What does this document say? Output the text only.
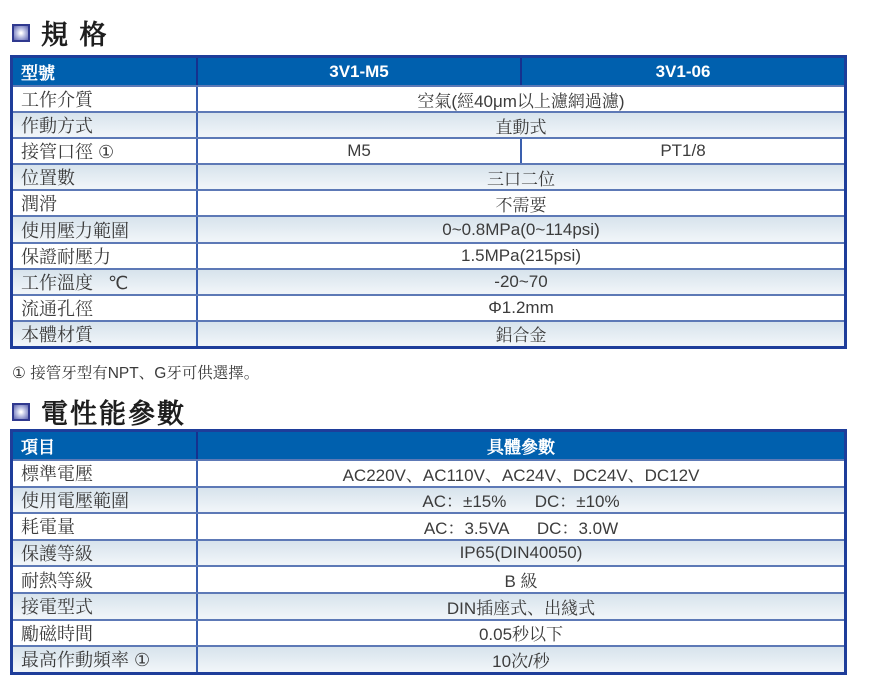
規 格
型號	3V1-M5	3V1-06
工作介質	空氣(經40μm以上濾網過濾)
作動方式	直動式
接管口徑 ①	M5	PT1/8
位置數	三口二位
潤滑	不需要
使用壓力範圍	0~0.8MPa(0~114psi)
保證耐壓力	1.5MPa(215psi)
工作溫度   ℃	-20~70
流通孔徑	Φ1.2mm
本體材質	鋁合金
① 接管牙型有NPT、G牙可供選擇。
電性能參數
項目	具體參數
標準電壓	AC220V、AC110V、AC24V、DC24V、DC12V
使用電壓範圍	AC：±15%      DC：±10%
耗電量	AC：3.5VA      DC：3.0W
保護等級	IP65(DIN40050)
耐熱等級	B 級
接電型式	DIN插座式、出綫式
勵磁時間	0.05秒以下
最高作動頻率 ①	10次/秒
